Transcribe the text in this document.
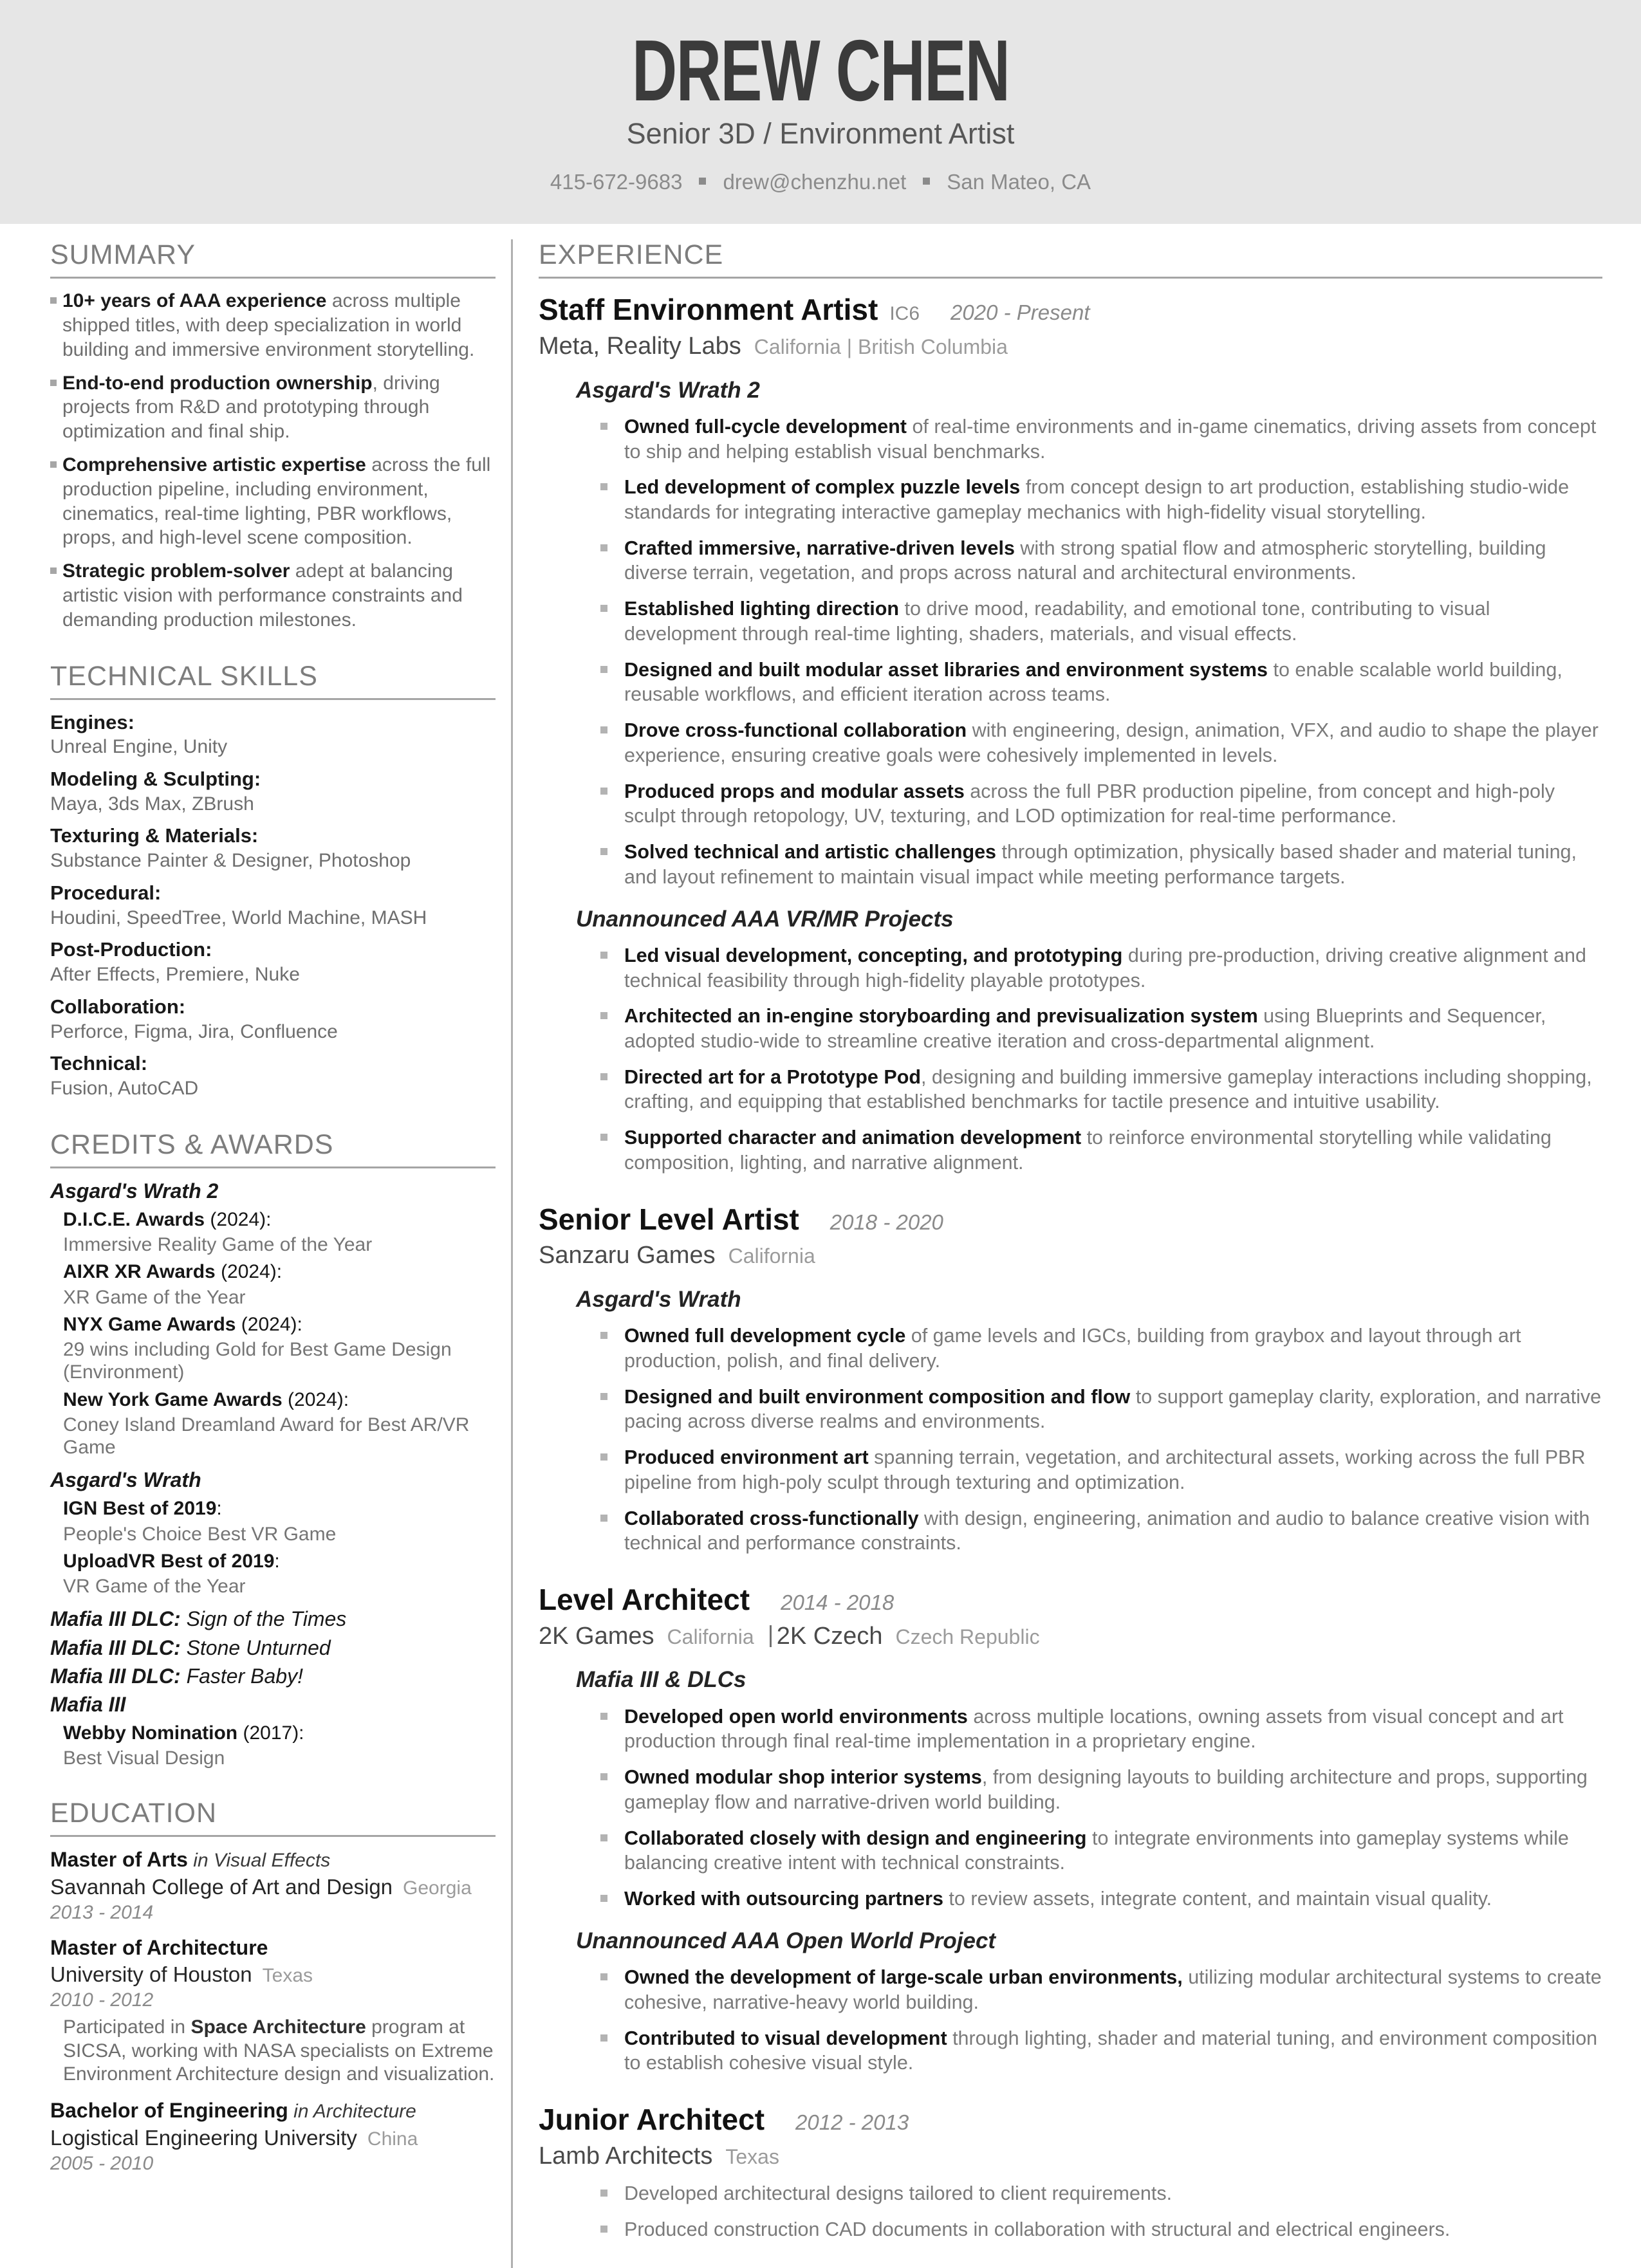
DREW CHEN
Senior 3D / Environment Artist
415-672-9683 drew@chenzhu.net San Mateo, CA
SUMMARY
10+ years of AAA experience across multiple shipped titles, with deep specialization in world building and immersive environment storytelling.
End-to-end production ownership, driving projects from R&D and prototyping through optimization and final ship.
Comprehensive artistic expertise across the full production pipeline, including environment, cinematics, real-time lighting, PBR workflows, props, and high-level scene composition.
Strategic problem-solver adept at balancing artistic vision with performance constraints and demanding production milestones.
TECHNICAL SKILLS
Engines:
Unreal Engine, Unity
Modeling & Sculpting:
Maya, 3ds Max, ZBrush
Texturing & Materials:
Substance Painter & Designer, Photoshop
Procedural:
Houdini, SpeedTree, World Machine, MASH
Post-Production:
After Effects, Premiere, Nuke
Collaboration:
Perforce, Figma, Jira, Confluence
Technical:
Fusion, AutoCAD
CREDITS & AWARDS
Asgard's Wrath 2
D.I.C.E. Awards (2024):
Immersive Reality Game of the Year
AIXR XR Awards (2024):
XR Game of the Year
NYX Game Awards (2024):
29 wins including Gold for Best Game Design (Environment)
New York Game Awards (2024):
Coney Island Dreamland Award for Best AR/VR Game
Asgard's Wrath
IGN Best of 2019:
People's Choice Best VR Game
UploadVR Best of 2019:
VR Game of the Year
Mafia III DLC: Sign of the Times
Mafia III DLC: Stone Unturned
Mafia III DLC: Faster Baby!
Mafia III
Webby Nomination (2017):
Best Visual Design
EDUCATION
Master of Arts in Visual Effects
Savannah College of Art and Design Georgia
2013 - 2014
Master of Architecture
University of Houston Texas
2010 - 2012
Participated in Space Architecture program at SICSA, working with NASA specialists on Extreme Environment Architecture design and visualization.
Bachelor of Engineering in Architecture
Logistical Engineering University China
2005 - 2010
EXPERIENCE
Staff Environment Artist IC6 2020 - Present
Meta, Reality Labs California | British Columbia
Asgard's Wrath 2
Owned full-cycle development of real-time environments and in-game cinematics, driving assets from concept to ship and helping establish visual benchmarks.
Led development of complex puzzle levels from concept design to art production, establishing studio-wide standards for integrating interactive gameplay mechanics with high-fidelity visual storytelling.
Crafted immersive, narrative-driven levels with strong spatial flow and atmospheric storytelling, building diverse terrain, vegetation, and props across natural and architectural environments.
Established lighting direction to drive mood, readability, and emotional tone, contributing to visual development through real-time lighting, shaders, materials, and visual effects.
Designed and built modular asset libraries and environment systems to enable scalable world building, reusable workflows, and efficient iteration across teams.
Drove cross-functional collaboration with engineering, design, animation, VFX, and audio to shape the player experience, ensuring creative goals were cohesively implemented in levels.
Produced props and modular assets across the full PBR production pipeline, from concept and high-poly sculpt through retopology, UV, texturing, and LOD optimization for real-time performance.
Solved technical and artistic challenges through optimization, physically based shader and material tuning, and layout refinement to maintain visual impact while meeting performance targets.
Unannounced AAA VR/MR Projects
Led visual development, concepting, and prototyping during pre-production, driving creative alignment and technical feasibility through high-fidelity playable prototypes.
Architected an in-engine storyboarding and previsualization system using Blueprints and Sequencer, adopted studio-wide to streamline creative iteration and cross-departmental alignment.
Directed art for a Prototype Pod, designing and building immersive gameplay interactions including shopping, crafting, and equipping that established benchmarks for tactile presence and intuitive usability.
Supported character and animation development to reinforce environmental storytelling while validating composition, lighting, and narrative alignment.
Senior Level Artist 2018 - 2020
Sanzaru Games California
Asgard's Wrath
Owned full development cycle of game levels and IGCs, building from graybox and layout through art production, polish, and final delivery.
Designed and built environment composition and flow to support gameplay clarity, exploration, and narrative pacing across diverse realms and environments.
Produced environment art spanning terrain, vegetation, and architectural assets, working across the full PBR pipeline from high-poly sculpt through texturing and optimization.
Collaborated cross-functionally with design, engineering, animation and audio to balance creative vision with technical and performance constraints.
Level Architect 2014 - 2018
2K Games California 2K Czech Czech Republic
Mafia III & DLCs
Developed open world environments across multiple locations, owning assets from visual concept and art production through final real-time implementation in a proprietary engine.
Owned modular shop interior systems, from designing layouts to building architecture and props, supporting gameplay flow and narrative-driven world building.
Collaborated closely with design and engineering to integrate environments into gameplay systems while balancing creative intent with technical constraints.
Worked with outsourcing partners to review assets, integrate content, and maintain visual quality.
Unannounced AAA Open World Project
Owned the development of large-scale urban environments, utilizing modular architectural systems to create cohesive, narrative-heavy world building.
Contributed to visual development through lighting, shader and material tuning, and environment composition to establish cohesive visual style.
Junior Architect 2012 - 2013
Lamb Architects Texas
Developed architectural designs tailored to client requirements.
Produced construction CAD documents in collaboration with structural and electrical engineers.
